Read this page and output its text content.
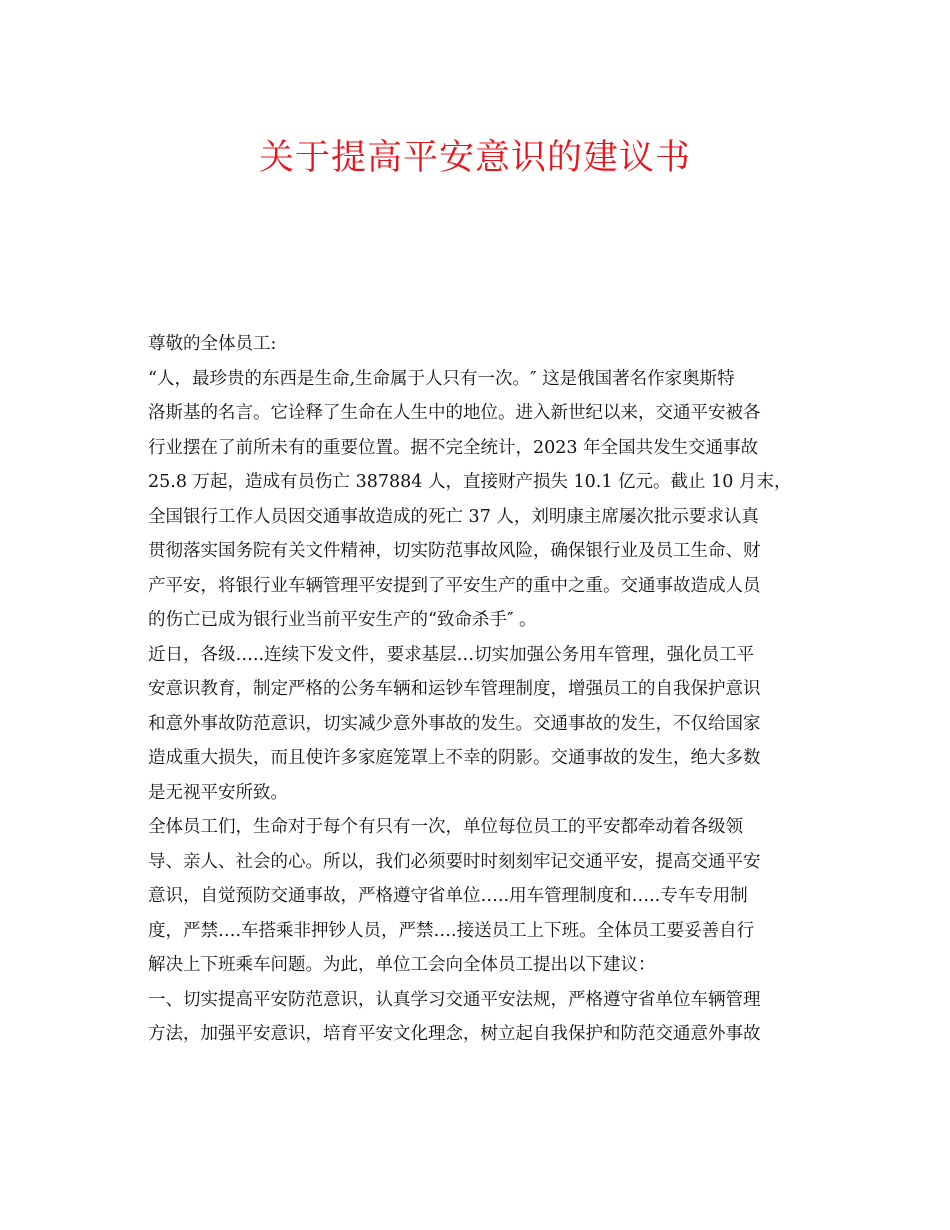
关于提高平安意识的建议书
尊敬的全体员工:
“人，最珍贵的东西是生命,生命属于人只有一次。″ 这是俄国著名作家奥斯特
洛斯基的名言。它诠释了生命在人生中的地位。进入新世纪以来，交通平安被各
行业摆在了前所未有的重要位置。据不完全统计，2023 年全国共发生交通事故
25.8 万起，造成有员伤亡 387884 人，直接财产损失 10.1 亿元。截止 10 月末，
全国银行工作人员因交通事故造成的死亡 37 人，刘明康主席屡次批示要求认真
贯彻落实国务院有关文件精神，切实防范事故风险，确保银行业及员工生命、财
产平安，将银行业车辆管理平安提到了平安生产的重中之重。交通事故造成人员
的伤亡已成为银行业当前平安生产的“致命杀手″ 。
近日，各级…..连续下发文件，要求基层…切实加强公务用车管理，强化员工平
安意识教育，制定严格的公务车辆和运钞车管理制度，增强员工的自我保护意识
和意外事故防范意识，切实减少意外事故的发生。交通事故的发生，不仅给国家
造成重大损失，而且使许多家庭笼罩上不幸的阴影。交通事故的发生，绝大多数
是无视平安所致。
全体员工们，生命对于每个有只有一次，单位每位员工的平安都牵动着各级领
导、亲人、社会的心。所以，我们必须要时时刻刻牢记交通平安，提高交通平安
意识，自觉预防交通事故，严格遵守省单位…..用车管理制度和…..专车专用制
度，严禁….车搭乘非押钞人员，严禁….接送员工上下班。全体员工要妥善自行
解决上下班乘车问题。为此，单位工会向全体员工提出以下建议：
一、切实提高平安防范意识，认真学习交通平安法规，严格遵守省单位车辆管理
方法，加强平安意识，培育平安文化理念，树立起自我保护和防范交通意外事故
